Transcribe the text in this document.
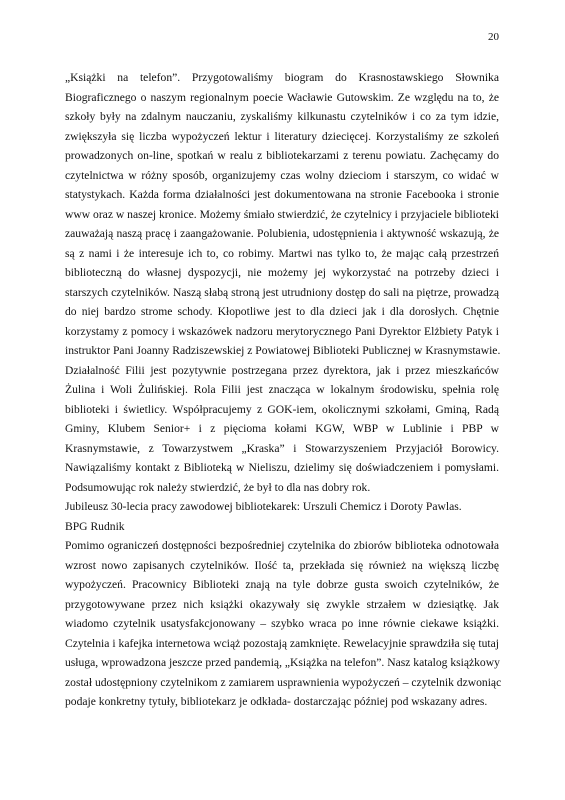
20

„Książki na telefon”. Przygotowaliśmy biogram do Krasnostawskiego Słownika
Biograficznego o naszym regionalnym poecie Wacławie Gutowskim. Ze względu na to, że
szkoły były na zdalnym nauczaniu, zyskaliśmy kilkunastu czytelników i co za tym idzie,
zwiększyła się liczba wypożyczeń lektur i literatury dziecięcej. Korzystaliśmy ze szkoleń
prowadzonych on-line, spotkań w realu z bibliotekarzami z terenu powiatu. Zachęcamy do
czytelnictwa w różny sposób, organizujemy czas wolny dzieciom i starszym, co widać w
statystykach. Każda forma działalności jest dokumentowana na stronie Facebooka i stronie
www oraz w naszej kronice. Możemy śmiało stwierdzić, że czytelnicy i przyjaciele biblioteki
zauważają naszą pracę i zaangażowanie. Polubienia, udostępnienia i aktywność wskazują, że
są z nami i że interesuje ich to, co robimy. Martwi nas tylko to, że mając całą przestrzeń
biblioteczną do własnej dyspozycji, nie możemy jej wykorzystać na potrzeby dzieci i
starszych czytelników. Naszą słabą stroną jest utrudniony dostęp do sali na piętrze, prowadzą
do niej bardzo strome schody. Kłopotliwe jest to dla dzieci jak i dla dorosłych. Chętnie
korzystamy z pomocy i wskazówek nadzoru merytorycznego Pani Dyrektor Elżbiety Patyk i
instruktor Pani Joanny Radziszewskiej z Powiatowej Biblioteki Publicznej w Krasnymstawie.
Działalność Filii jest pozytywnie postrzegana przez dyrektora, jak i przez mieszkańców
Żulina i Woli Żulińskiej. Rola Filii jest znacząca w lokalnym środowisku, spełnia rolę
biblioteki i świetlicy. Współpracujemy z GOK-iem, okolicznymi szkołami, Gminą, Radą
Gminy, Klubem Senior+ i z pięcioma kołami KGW, WBP w Lublinie i PBP w
Krasnymstawie, z Towarzystwem „Kraska” i Stowarzyszeniem Przyjaciół Borowicy.
Nawiązaliśmy kontakt z Biblioteką w Nieliszu, dzielimy się doświadczeniem i pomysłami.
Podsumowując rok należy stwierdzić, że był to dla nas dobry rok.

Jubileusz 30-lecia pracy zawodowej bibliotekarek: Urszuli Chemicz i Doroty Pawlas.

BPG Rudnik

Pomimo ograniczeń dostępności bezpośredniej czytelnika do zbiorów biblioteka odnotowała
wzrost nowo zapisanych czytelników. Ilość ta, przekłada się również na większą liczbę
wypożyczeń. Pracownicy Biblioteki znają na tyle dobrze gusta swoich czytelników, że
przygotowywane przez nich książki okazywały się zwykle strzałem w dziesiątkę. Jak
wiadomo czytelnik usatysfakcjonowany – szybko wraca po inne równie ciekawe książki.
Czytelnia i kafejka internetowa wciąż pozostają zamknięte. Rewelacyjnie sprawdziła się tutaj
usługa, wprowadzona jeszcze przed pandemią, „Książka na telefon”. Nasz katalog książkowy
został udostępniony czytelnikom z zamiarem usprawnienia wypożyczeń – czytelnik dzwoniąc
podaje konkretny tytuły, bibliotekarz je odkłada- dostarczając później pod wskazany adres.
